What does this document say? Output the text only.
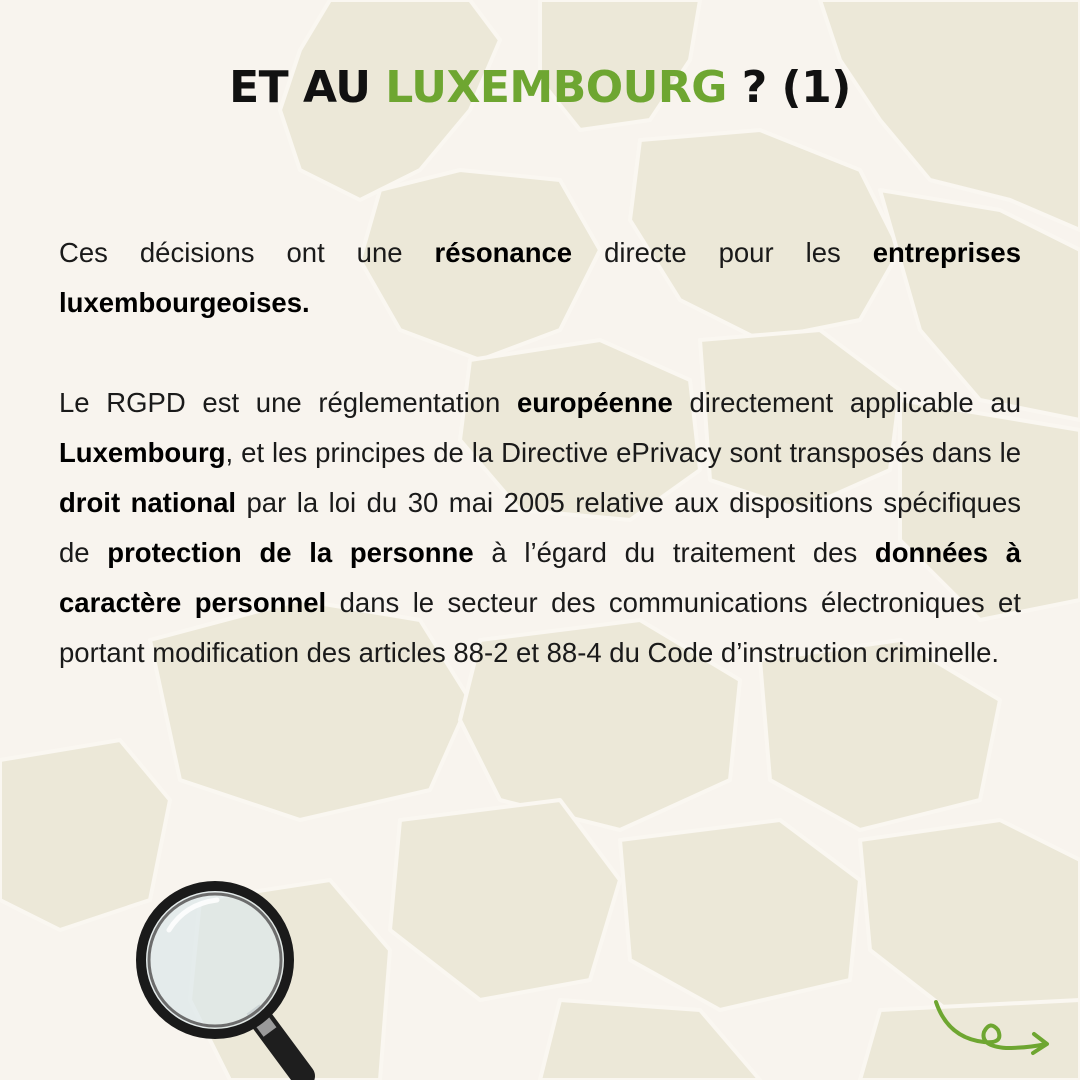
ET AU LUXEMBOURG ? (1)

Ces décisions ont une résonance directe pour les entreprises luxembourgeoises.

Le RGPD est une réglementation européenne directement applicable au Luxembourg, et les principes de la Directive ePrivacy sont transposés dans le droit national par la loi du 30 mai 2005 relative aux dispositions spécifiques de protection de la personne à l’égard du traitement des données à caractère personnel dans le secteur des communications électroniques et portant modification des articles 88-2 et 88-4 du Code d’instruction criminelle.
